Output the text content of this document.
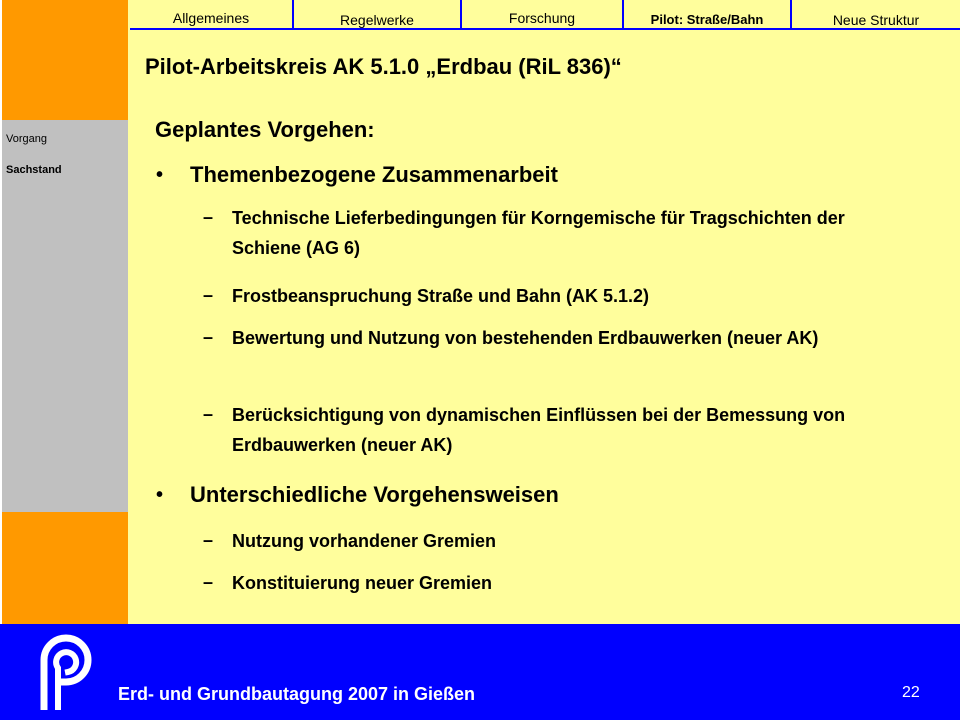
Vorgang
Sachstand
Allgemeines	Regelwerke	Forschung	Pilot: Straße/Bahn	Neue Struktur
Pilot-Arbeitskreis AK 5.1.0 „Erdbau (RiL 836)“
Geplantes Vorgehen:
• Themenbezogene Zusammenarbeit
– Technische Lieferbedingungen für Korngemische für Tragschichten der Schiene (AG 6)
– Frostbeanspruchung Straße und Bahn (AK 5.1.2)
– Bewertung und Nutzung von bestehenden Erdbauwerken (neuer AK)
– Berücksichtigung von dynamischen Einflüssen bei der Bemessung von Erdbauwerken (neuer AK)
• Unterschiedliche Vorgehensweisen
– Nutzung vorhandener Gremien
– Konstituierung neuer Gremien
Erd- und Grundbautagung 2007 in Gießen	22
